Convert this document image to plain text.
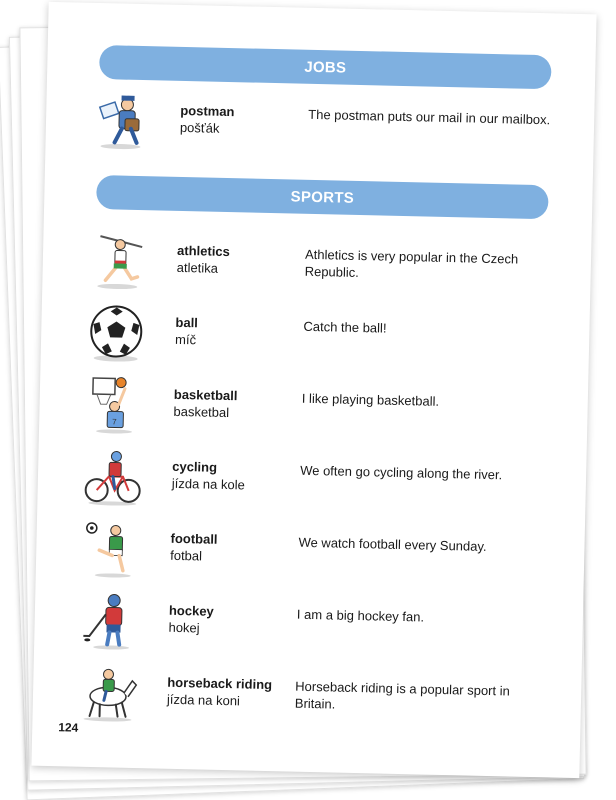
JOBS
postman
pošťák
The postman puts our mail in our mailbox.
SPORTS
athletics
atletika
Athletics is very popular in the Czech Republic.
ball
míč
Catch the ball!
7
basketball
basketbal
I like playing basketball.
cycling
jízda na kole
We often go cycling along the river.
football
fotbal
We watch football every Sunday.
hockey
hokej
I am a big hockey fan.
horseback riding
jízda na koni
Horseback riding is a popular sport in Britain.
124
